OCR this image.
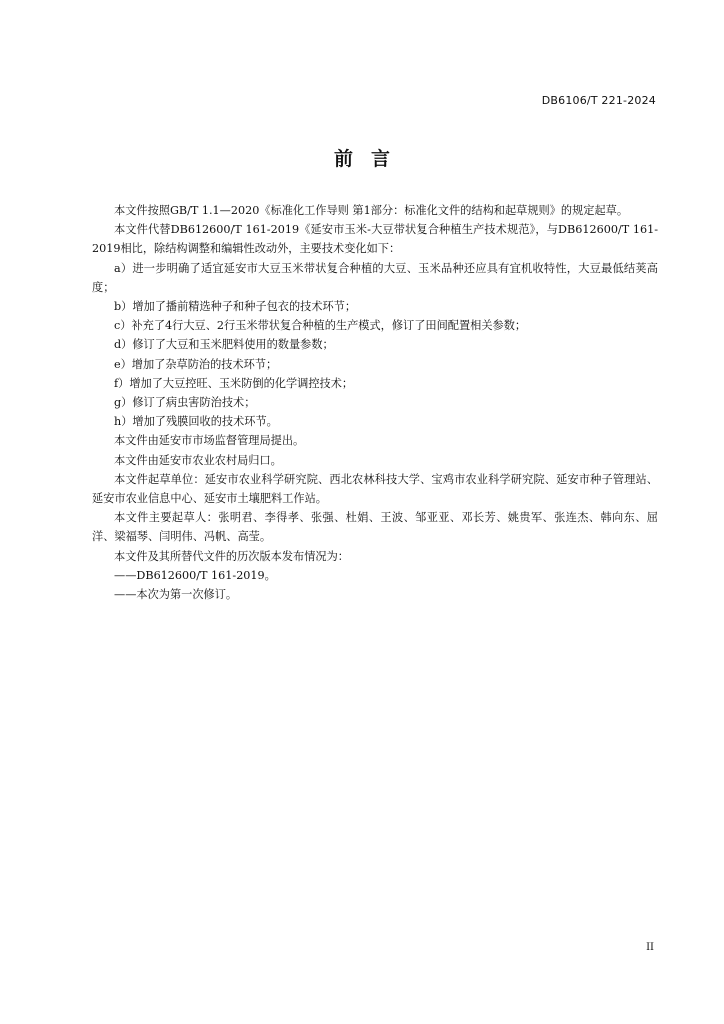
DB6106/T 221-2024
前言

本文件按照GB/T 1.1—2020《标准化工作导则 第1部分：标准化文件的结构和起草规则》的规定起草。

本文件代替DB612600/T 161-2019《延安市玉米-大豆带状复合种植生产技术规范》，与DB612600/T 161-2019相比，除结构调整和编辑性改动外，主要技术变化如下：

a）进一步明确了适宜延安市大豆玉米带状复合种植的大豆、玉米品种还应具有宜机收特性，大豆最低结荚高度；

b）增加了播前精选种子和种子包衣的技术环节；

c）补充了4行大豆、2行玉米带状复合种植的生产模式，修订了田间配置相关参数；

d）修订了大豆和玉米肥料使用的数量参数；

e）增加了杂草防治的技术环节；

f）增加了大豆控旺、玉米防倒的化学调控技术；

g）修订了病虫害防治技术；

h）增加了残膜回收的技术环节。

本文件由延安市市场监督管理局提出。

本文件由延安市农业农村局归口。

本文件起草单位：延安市农业科学研究院、西北农林科技大学、宝鸡市农业科学研究院、延安市种子管理站、延安市农业信息中心、延安市土壤肥料工作站。

本文件主要起草人：张明君、李得孝、张强、杜娟、王波、邹亚亚、邓长芳、姚贵军、张连杰、韩向东、屈洋、梁福琴、闫明伟、冯帆、高莹。

本文件及其所替代文件的历次版本发布情况为：

——DB612600/T 161-2019。

——本次为第一次修订。

II
